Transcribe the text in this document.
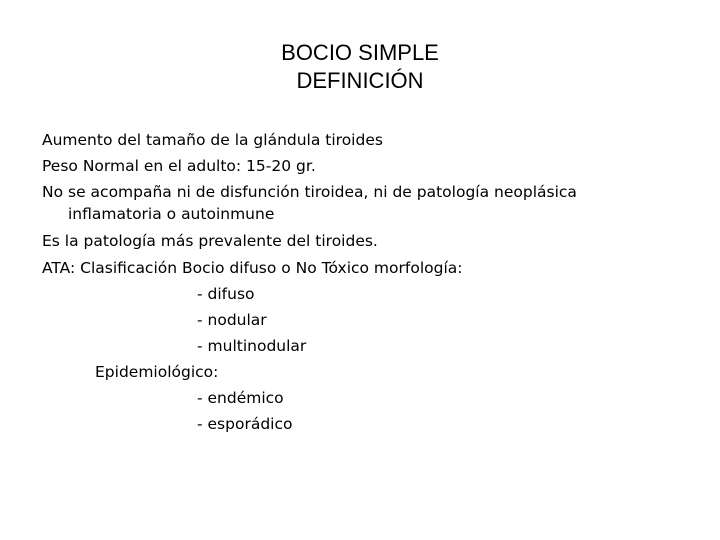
BOCIO SIMPLE
DEFINICIÓN

Aumento del tamaño de la glándula tiroides

Peso Normal en el adulto: 15-20 gr.

No se acompaña ni de disfunción tiroidea, ni de patología neoplásica

inflamatoria o autoinmune

Es la patología más prevalente del tiroides.

ATA: Clasificación Bocio difuso o No Tóxico morfología:

- difuso

- nodular

- multinodular

Epidemiológico:

- endémico

- esporádico
